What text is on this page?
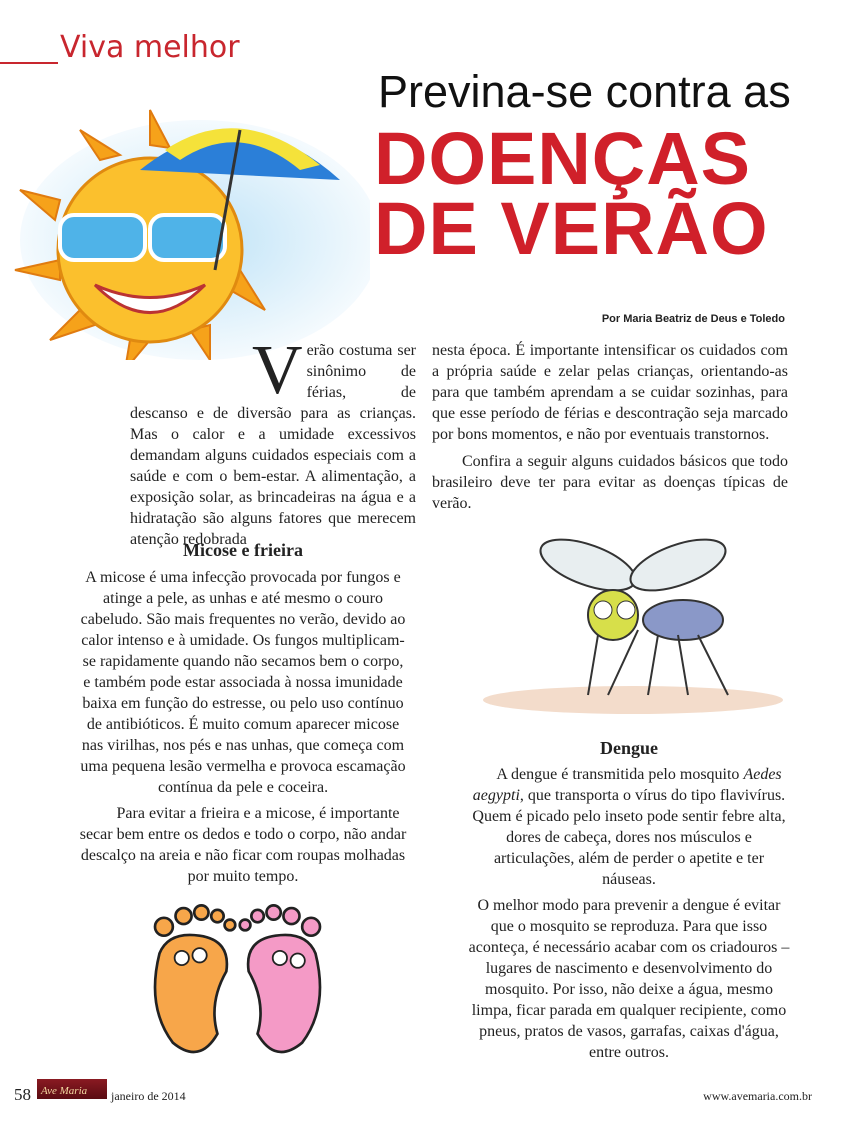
Viva melhor
Previna-se contra as
DOENÇAS
DE VERÃO
Por Maria Beatriz de Deus e Toledo
V erão costuma ser sinônimo de férias, de descanso e de diversão para as crianças. Mas o calor e a umidade excessivos demandam alguns cuidados especiais com a saúde e com o bem-estar. A alimentação, a exposição solar, as brincadeiras na água e a hidratação são alguns fatores que merecem atenção redobrada

nesta época. É importante intensificar os cuidados com a própria saúde e zelar pelas crianças, orientando-as para que também aprendam a se cuidar sozinhas, para que esse período de férias e descontração seja marcado por bons momentos, e não por eventuais transtornos.

Confira a seguir alguns cuidados básicos que todo brasileiro deve ter para evitar as doenças típicas de verão.

Micose e frieira

A micose é uma infecção provocada por fungos e atinge a pele, as unhas e até mesmo o couro cabeludo. São mais frequentes no verão, devido ao calor intenso e à umidade. Os fungos multiplicam-se rapidamente quando não secamos bem o corpo, e também pode estar associada à nossa imunidade baixa em função do estresse, ou pelo uso contínuo de antibióticos. É muito comum aparecer micose nas virilhas, nos pés e nas unhas, que começa com uma pequena lesão vermelha e provoca escamação contínua da pele e coceira.

Para evitar a frieira e a micose, é importante secar bem entre os dedos e todo o corpo, não andar descalço na areia e não ficar com roupas molhadas por muito tempo.

Dengue

A dengue é transmitida pelo mosquito Aedes aegypti, que transporta o vírus do tipo flavivírus. Quem é picado pelo inseto pode sentir febre alta, dores de cabeça, dores nos músculos e articulações, além de perder o apetite e ter náuseas.

O melhor modo para prevenir a dengue é evitar que o mosquito se reproduza. Para que isso aconteça, é necessário acabar com os criadouros – lugares de nascimento e desenvolvimento do mosquito. Por isso, não deixe a água, mesmo limpa, ficar parada em qualquer recipiente, como pneus, pratos de vasos, garrafas, caixas d'água, entre outros.

58 Ave Maria	janeiro de 2014	www.avemaria.com.br
